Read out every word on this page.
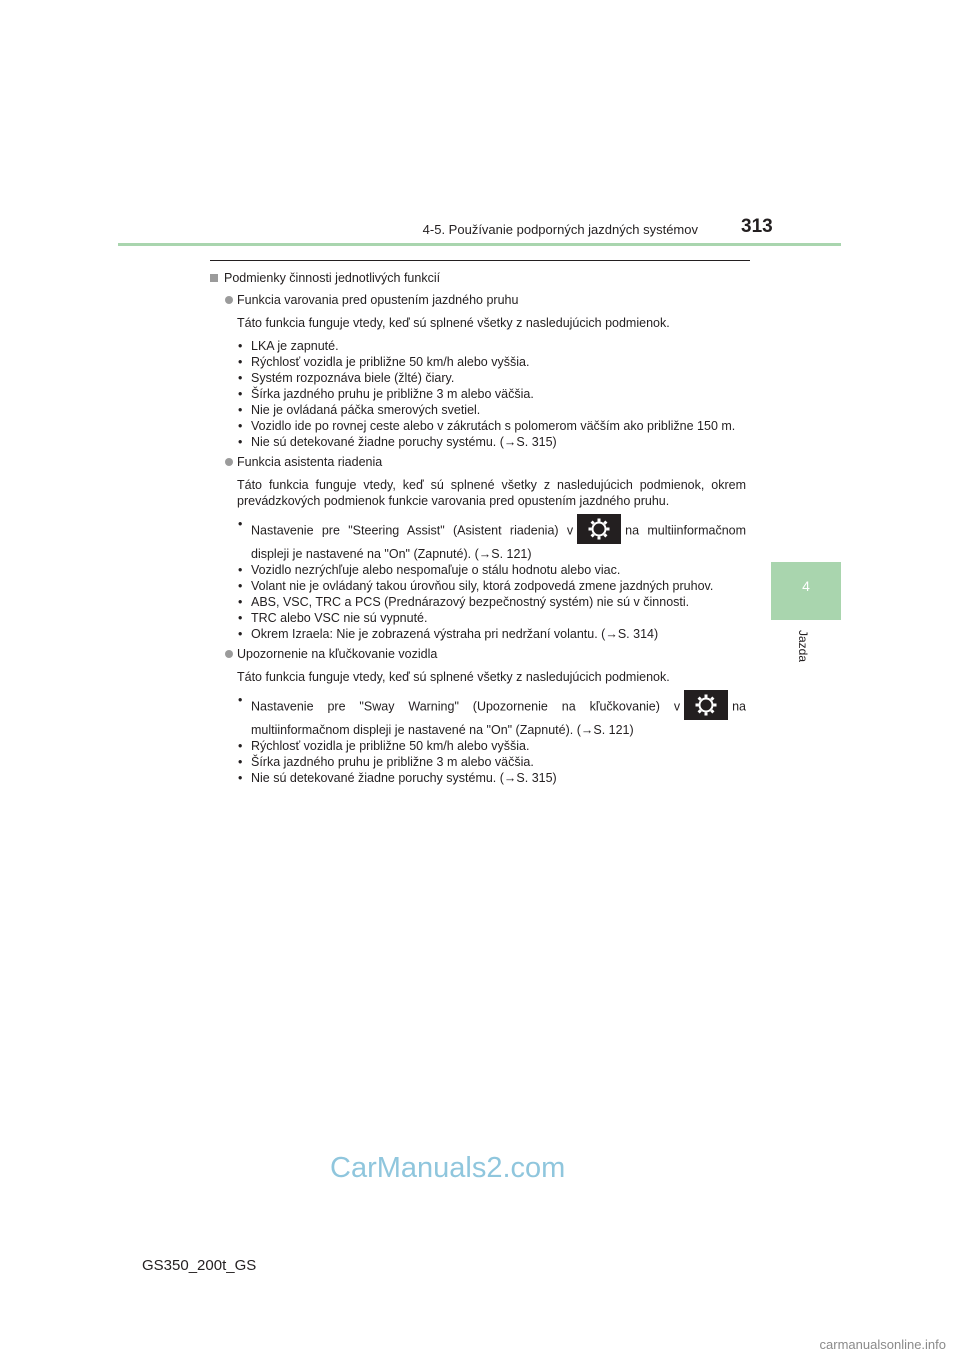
4-5. Používanie podporných jazdných systémov 313
4
Jazda
Podmienky činnosti jednotlivých funkcií
Funkcia varovania pred opustením jazdného pruhu
Táto funkcia funguje vtedy, keď sú splnené všetky z nasledujúcich podmienok.
• LKA je zapnuté.
• Rýchlosť vozidla je približne 50 km/h alebo vyššia.
• Systém rozpoznáva biele (žlté) čiary.
• Šírka jazdného pruhu je približne 3 m alebo väčšia.
• Nie je ovládaná páčka smerových svetiel.
• Vozidlo ide po rovnej ceste alebo v zákrutách s polomerom väčším ako približne 150 m.
• Nie sú detekované žiadne poruchy systému. (→S. 315)
Funkcia asistenta riadenia
Táto funkcia funguje vtedy, keď sú splnené všetky z nasledujúcich podmienok, okrem prevádzkových podmienok funkcie varovania pred opustením jazdného pruhu.
• Nastavenie pre "Steering Assist" (Asistent riadenia) v	na multiinformačnom displeji je nastavené na "On" (Zapnuté). (→S. 121)
• Vozidlo nezrýchľuje alebo nespomaľuje o stálu hodnotu alebo viac.
• Volant nie je ovládaný takou úrovňou sily, ktorá zodpovedá zmene jazdných pruhov.
• ABS, VSC, TRC a PCS (Prednárazový bezpečnostný systém) nie sú v činnosti.
• TRC alebo VSC nie sú vypnuté.
• Okrem Izraela: Nie je zobrazená výstraha pri nedržaní volantu. (→S. 314)
Upozornenie na kľučkovanie vozidla
Táto funkcia funguje vtedy, keď sú splnené všetky z nasledujúcich podmienok.
• Nastavenie pre "Sway Warning" (Upozornenie na kľučkovanie) v	na multiinformačnom displeji je nastavené na "On" (Zapnuté). (→S. 121)
• Rýchlosť vozidla je približne 50 km/h alebo vyššia.
• Šírka jazdného pruhu je približne 3 m alebo väčšia.
• Nie sú detekované žiadne poruchy systému. (→S. 315)
CarManuals2.com
GS350_200t_GS
carmanualsonline.info
